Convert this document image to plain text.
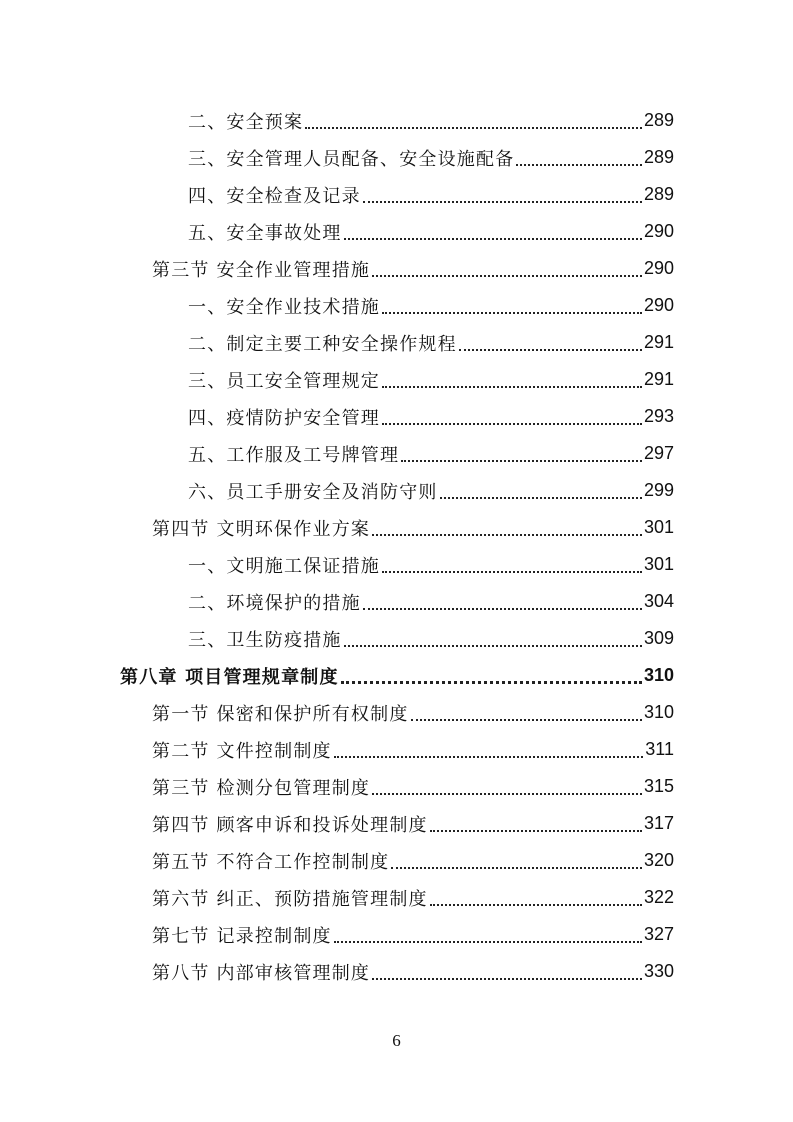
二、安全预案	289
三、安全管理人员配备、安全设施配备	289
四、安全检查及记录	289
五、安全事故处理	290
第三节 安全作业管理措施	290
一、安全作业技术措施	290
二、制定主要工种安全操作规程	291
三、员工安全管理规定	291
四、疫情防护安全管理	293
五、工作服及工号牌管理	297
六、员工手册安全及消防守则	299
第四节 文明环保作业方案	301
一、文明施工保证措施	301
二、环境保护的措施	304
三、卫生防疫措施	309
第八章 项目管理规章制度	310
第一节 保密和保护所有权制度	310
第二节 文件控制制度	311
第三节 检测分包管理制度	315
第四节 顾客申诉和投诉处理制度	317
第五节 不符合工作控制制度	320
第六节 纠正、预防措施管理制度	322
第七节 记录控制制度	327
第八节 内部审核管理制度	330
6
